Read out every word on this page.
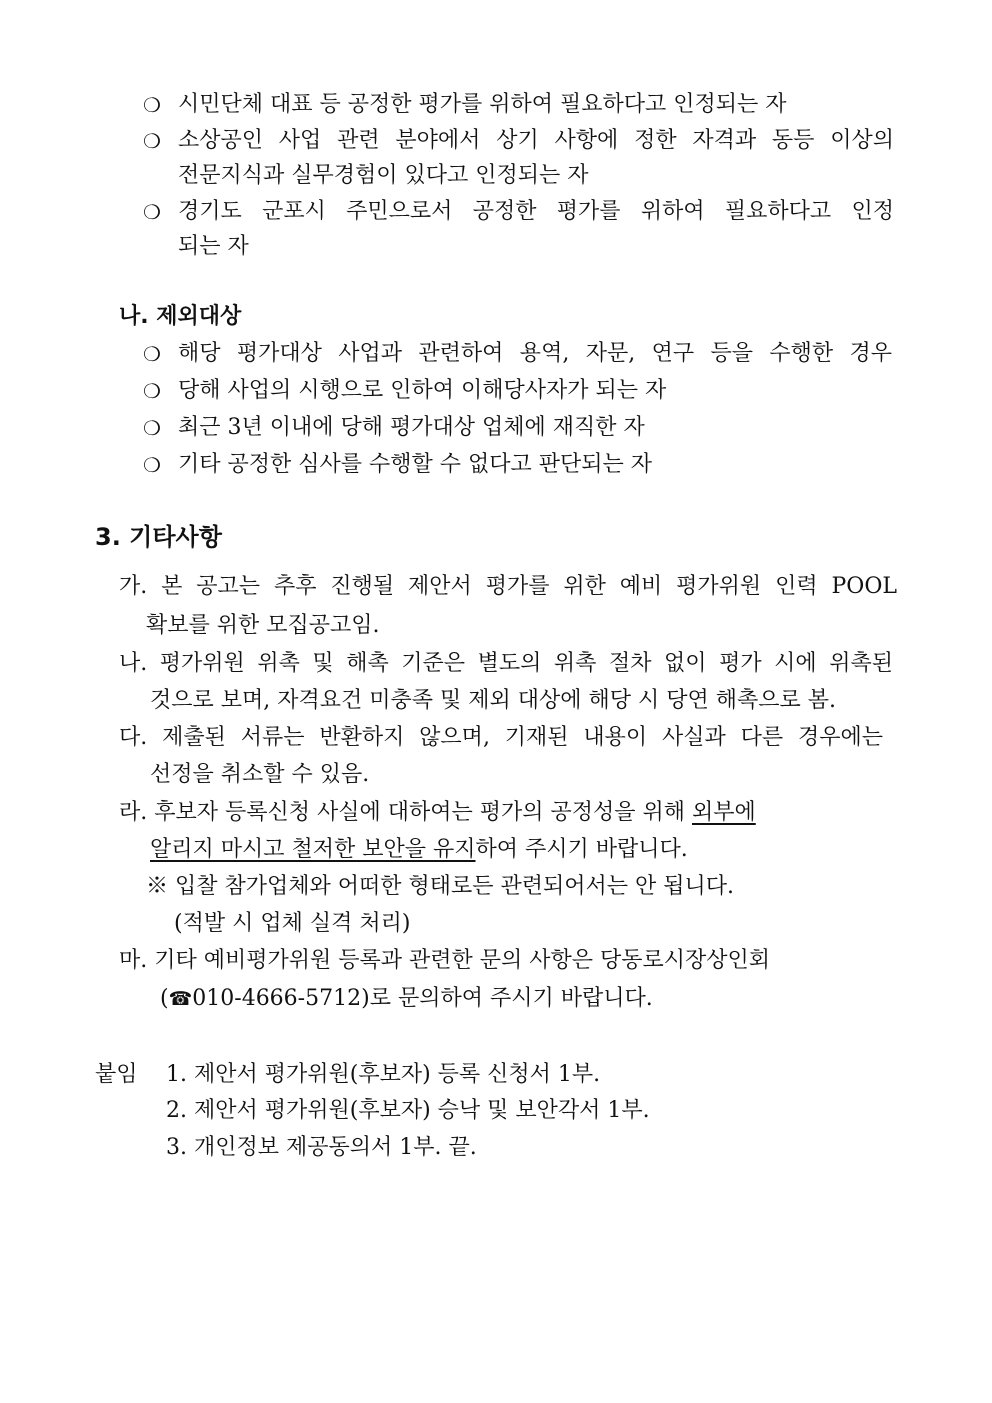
❍ 시민단체 대표 등 공정한 평가를 위하여 필요하다고 인정되는 자
❍ 소상공인 사업 관련 분야에서 상기 사항에 정한 자격과 동등 이상의
전문지식과 실무경험이 있다고 인정되는 자
❍ 경기도 군포시 주민으로서 공정한 평가를 위하여 필요하다고 인정
되는 자
나. 제외대상
❍ 해당 평가대상 사업과 관련하여 용역, 자문, 연구 등을 수행한 경우
❍ 당해 사업의 시행으로 인하여 이해당사자가 되는 자
❍ 최근 3년 이내에 당해 평가대상 업체에 재직한 자
❍ 기타 공정한 심사를 수행할 수 없다고 판단되는 자
3. 기타사항
가. 본 공고는 추후 진행될 제안서 평가를 위한 예비 평가위원 인력 POOL
확보를 위한 모집공고임.
나. 평가위원 위촉 및 해촉 기준은 별도의 위촉 절차 없이 평가 시에 위촉된
것으로 보며, 자격요건 미충족 및 제외 대상에 해당 시 당연 해촉으로 봄.
다. 제출된 서류는 반환하지 않으며, 기재된 내용이 사실과 다른 경우에는
선정을 취소할 수 있음.
라. 후보자 등록신청 사실에 대하여는 평가의 공정성을 위해 외부에
알리지 마시고 철저한 보안을 유지하여 주시기 바랍니다.
※ 입찰 참가업체와 어떠한 형태로든 관련되어서는 안 됩니다.
(적발 시 업체 실격 처리)
마. 기타 예비평가위원 등록과 관련한 문의 사항은 당동로시장상인회
(☎010-4666-5712)로 문의하여 주시기 바랍니다.
붙임 1. 제안서 평가위원(후보자) 등록 신청서 1부.
2. 제안서 평가위원(후보자) 승낙 및 보안각서 1부.
3. 개인정보 제공동의서 1부. 끝.
